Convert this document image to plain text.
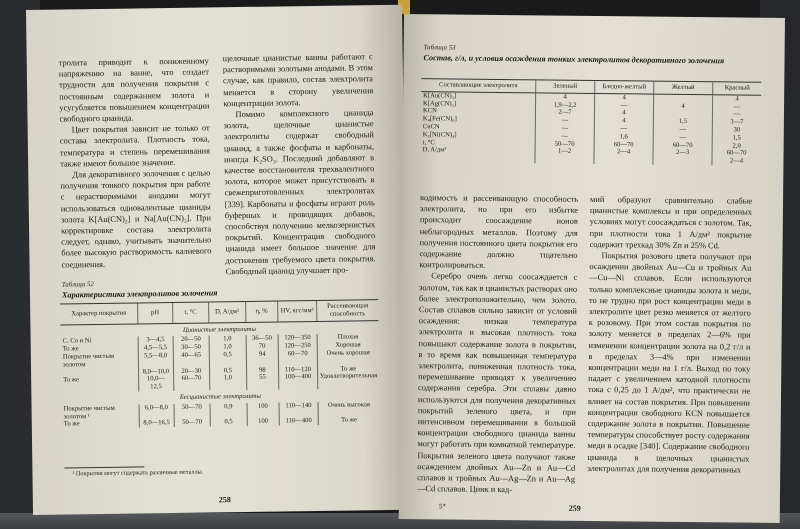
тролита приводит к пониженному напряжению на ванне, что создает трудности для получения покрытия с постоянным содержанием золота и усугубляется повышением концентрации свободного цианида.

Цвет покрытия зависит не только от состава электролита. Плотность тока, температура и степень перемешивания также имеют большое значение.

Для декоративного золочения с целью получения тонкого покрытия при работе с нерастворимыми анодами могут использоваться одновалентные цианиды золота K[Au(CN)₂] и Na[Au(CN)₂]. При корректировке состава электролита следует, однако, учитывать значительно более высокую растворимость калиевого соединения.

щелочные цианистые ванны работают с растворимыми золотыми анодами. В этом случае, как правило, состав электролита меняется в сторону увеличения концентрации золота.

Помимо комплексного цианида золота, щелочные цианистые электролиты содержат свободный цианид, а также фосфаты и карбонаты, иногда K₂SO₃. Последний добавляют в качестве восстановителя трехвалентного золота, которое может присутствовать в свежеприготовленных электролитах [339]. Карбонаты и фосфаты играют роль буферных и проводящих добавок, способствуя получению мелкозернистых покрытий. Концентрация свободного цианида имеет большое значение для достижения требуемого цвета покрытия. Свободный цианид улучшает про-

Таблица 52
Характеристика электролитов золочения
Характер покрытия	pH	t, °C	D, A/дм²	η, %	HV, кгс/мм²	Рассеивающая способность
Цианистые электролиты						
С. Со и Ni	3—4,5	20—50	1,0	36—50	120—350	Плохая
То же	4,5—5,5	30—50	1,0	70	120—250	Хорошая
Покрытие чистым золотом	5,5—8,0	40—65	0,5	94	60—70	Очень хорошая
	8,0—10,0	20—30	0,5	98	110—120	То же
То же	10,0—12,5	60—70	1,0	55	100—400	Удовлетворительная
Бесцианистые электролиты						
Покрытие чистым золотом ¹	6,0—8,0	50—70	0,9	100	110—140	Очень высокая
То же	8,0—16,5	50—70	0,5	100	110—400	То же
¹ Покрытия могут содержать различные металлы.
258
Таблица 53
Состав, г/л, и условия осаждения тонких электролитов декоративного золочения
Составляющие электролита	Зеленый	Бледно-желтый	Желтый	Красный
K[Au(CN)₂]	4	4		4
K[Ag(CN)₂]	1,9—2,2	—	4	—
KCN	2—7	4		—
K₄[Fe(CN)₆]	—	4	1,5	3—7
CuCN	—	—	—	30
K₂[Ni(CN)₄]	—	1,6	—	1,5
t, °C	50—70	60—70	60—70	2,0
D, A/дм²	1—2	2—4	2—3	60—70
				2—4

водимость и рассеивающую способность электролита, но при его избытке происходит соосаждение ионов неблагородных металлов. Поэтому для получения постоянного цвета покрытия его содержание должно тщательно контролироваться.

Серебро очень легко соосаждается с золотом, так как в цианистых растворах оно более электроположительно, чем золото. Состав сплавов сильно зависит от условий осаждения: низкая температура электролита и высокая плотность тока повышают содержание золота в покрытии, в то время как повышенная температура электролита, пониженная плотность тока, перемешивание приводят к увеличению содержания серебра. Эти сплавы давно используются для получения декоративных покрытий зеленого цвета, и при интенсивном перемешивании в большой концентрации свободного цианида ванны могут работать при комнатной температуре. Покрытия зеленого цвета получают также осаждением двойных Au—Zn и Au—Cd сплавов и тройных Au—Ag—Zn и Au—Ag—Cd сплавов. Цинк и кад-

мий образуют сравнительно слабые цианистые комплексы и при определенных условиях могут соосаждаться с золотом. Так, при плотности тока 1 А/дм² покрытие содержит трехкад 30% Zn и 25% Cd.

Покрытия розового цвета получают при осаждении двойных Au—Cu и тройных Au—Cu—Ni сплавов. Если используются только комплексные цианиды золота и меди, то не трудно при рост концентрации меди в электролите цвет резко меняется от желтого к розовому. При этом состав покрытия по золоту меняется в пределах 2—6% при изменении концентрации золота на 0,2 г/л и в пределах 3—4% при изменении концентрации меди на 1 г/л. Выход по току падает с увеличением катодной плотности тока с 0,25 до 1 А/дм², что практически не влияет на состав покрытия. При повышении концентрации свободного KCN повышается содержание золота в покрытии. Повышение температуры способствует росту содержания меди в осадке [340]. Содержание свободного цианида в щелочных цианистых электролитах для получения декоративных

5*	259
